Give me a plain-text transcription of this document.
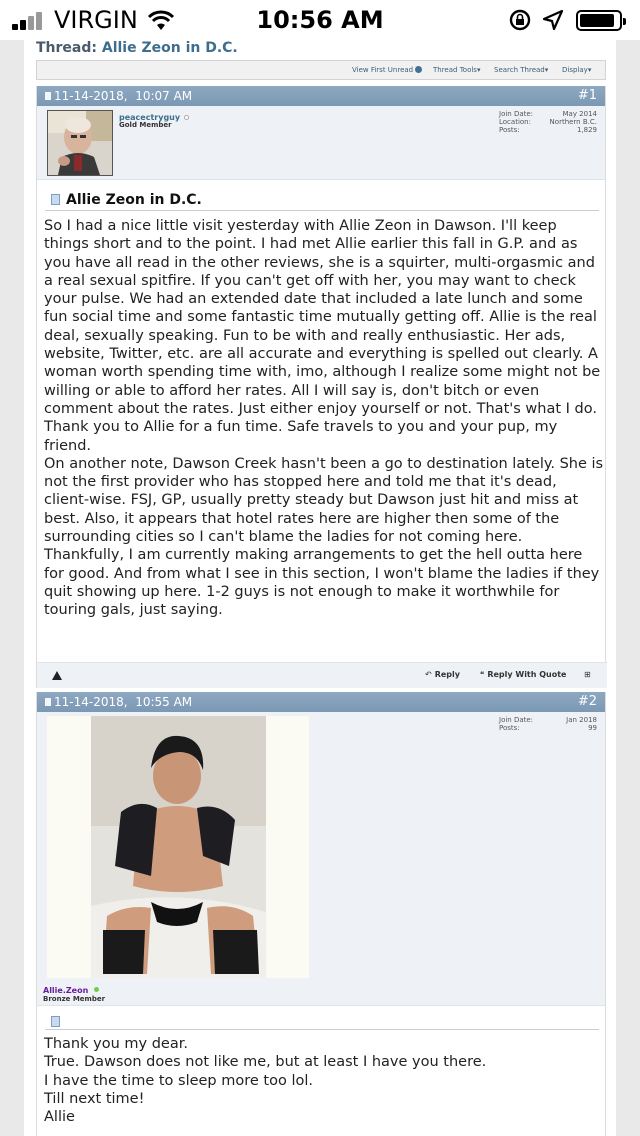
VIRGIN	10:56 AM
Thread: Allie Zeon in D.C.
View First Unread	Thread Tools▾ Search Thread▾ Display▾
11-14-2018, 10:07 AM	#1
peacectryguy
Gold Member
Join Date:	May 2014
Location:	Northern B.C.
Posts:	1,829
Allie Zeon in D.C.

So I had a nice little visit yesterday with Allie Zeon in Dawson. I'll keep things short and to the point. I had met Allie earlier this fall in G.P. and as you have all read in the other reviews, she is a squirter, multi-orgasmic and a real sexual spitfire. If you can't get off with her, you may want to check your pulse. We had an extended date that included a late lunch and some fun social time and some fantastic time mutually getting off. Allie is the real deal, sexually speaking. Fun to be with and really enthusiastic. Her ads, website, Twitter, etc. are all accurate and everything is spelled out clearly. A woman worth spending time with, imo, although I realize some might not be willing or able to afford her rates. All I will say is, don't bitch or even comment about the rates. Just either enjoy yourself or not. That's what I do.

Thank you to Allie for a fun time. Safe travels to you and your pup, my friend.

On another note, Dawson Creek hasn't been a go to destination lately. She is not the first provider who has stopped here and told me that it's dead, client-wise. FSJ, GP, usually pretty steady but Dawson just hit and miss at best. Also, it appears that hotel rates here are higher then some of the surrounding cities so I can't blame the ladies for not coming here. Thankfully, I am currently making arrangements to get the hell outta here for good. And from what I see in this section, I won't blame the ladies if they quit showing up here. 1-2 guys is not enough to make it worthwhile for touring gals, just saying.

↶ Reply	❝ Reply With Quote ⊞
11-14-2018, 10:55 AM	#2
Allie.Zeon
Bronze Member
Join Date:	Jan 2018
Posts:	99

Thank you my dear.

True. Dawson does not like me, but at least I have you there.

I have the time to sleep more too lol.

Till next time!

Allie
